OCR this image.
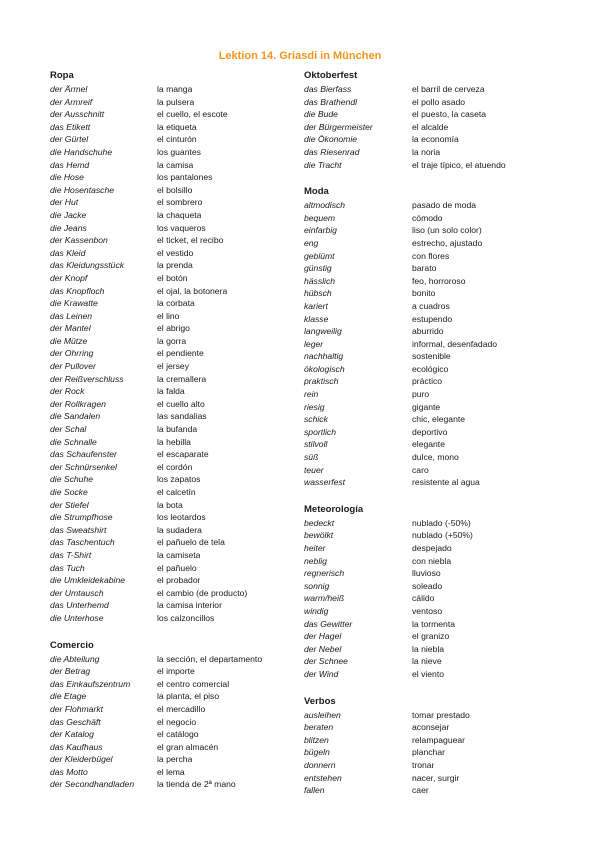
Lektion 14. Griasdi in München
Ropa
der Ärmel	la manga
der Armreif	la pulsera
der Ausschnitt	el cuello, el escote
das Etikett	la etiqueta
der Gürtel	el cinturón
die Handschuhe	los guantes
das Hemd	la camisa
die Hose	los pantalones
die Hosentasche	el bolsillo
der Hut	el sombrero
die Jacke	la chaqueta
die Jeans	los vaqueros
der Kassenbon	el ticket, el recibo
das Kleid	el vestido
das Kleidungsstück	la prenda
der Knopf	el botón
das Knopfloch	el ojal, la botonera
die Krawatte	la corbata
das Leinen	el lino
der Mantel	el abrigo
die Mütze	la gorra
der Ohrring	el pendiente
der Pullover	el jersey
der Reißverschluss	la cremallera
der Rock	la falda
der Rollkragen	el cuello alto
die Sandalen	las sandalias
der Schal	la bufanda
die Schnalle	la hebilla
das Schaufenster	el escaparate
der Schnürsenkel	el cordón
die Schuhe	los zapatos
die Socke	el calcetín
der Stiefel	la bota
die Strumpfhose	los leotardos
das Sweatshirt	la sudadera
das Taschentuch	el pañuelo de tela
das T-Shirt	la camiseta
das Tuch	el pañuelo
die Umkleidekabine	el probador
der Umtausch	el cambio (de producto)
das Unterhemd	la camisa interior
die Unterhose	los calzoncillos
Comercio
die Abteilung	la sección, el departamento
der Betrag	el importe
das Einkaufszentrum	el centro comercial
die Etage	la planta, el piso
der Flohmarkt	el mercadillo
das Geschäft	el negocio
der Katalog	el catálogo
das Kaufhaus	el gran almacén
der Kleiderbügel	la percha
das Motto	el lema
der Secondhandladen	la tienda de 2ª mano
Oktoberfest
das Bierfass	el barril de cerveza
das Brathendl	el pollo asado
die Bude	el puesto, la caseta
der Bürgermeister	el alcalde
die Ökonomie	la economía
das Riesenrad	la noria
die Tracht	el traje típico, el atuendo
Moda
altmodisch	pasado de moda
bequem	cómodo
einfarbig	liso (un solo color)
eng	estrecho, ajustado
geblümt	con flores
günstig	barato
hässlich	feo, horroroso
hübsch	bonito
kariert	a cuadros
klasse	estupendo
langweilig	aburrido
leger	informal, desenfadado
nachhaltig	sostenible
ökologisch	ecológico
praktisch	práctico
rein	puro
riesig	gigante
schick	chic, elegante
sportlich	deportivo
stilvoll	elegante
süß	dulce, mono
teuer	caro
wasserfest	resistente al agua
Meteorología
bedeckt	nublado (-50%)
bewölkt	nublado (+50%)
heiter	despejado
neblig	con niebla
regnerisch	lluvioso
sonnig	soleado
warm/heiß	cálido
windig	ventoso
das Gewitter	la tormenta
der Hagel	el granizo
der Nebel	la niebla
der Schnee	la nieve
der Wind	el viento
Verbos
ausleihen	tomar prestado
beraten	aconsejar
blitzen	relampaguear
bügeln	planchar
donnern	tronar
entstehen	nacer, surgir
fallen	caer
